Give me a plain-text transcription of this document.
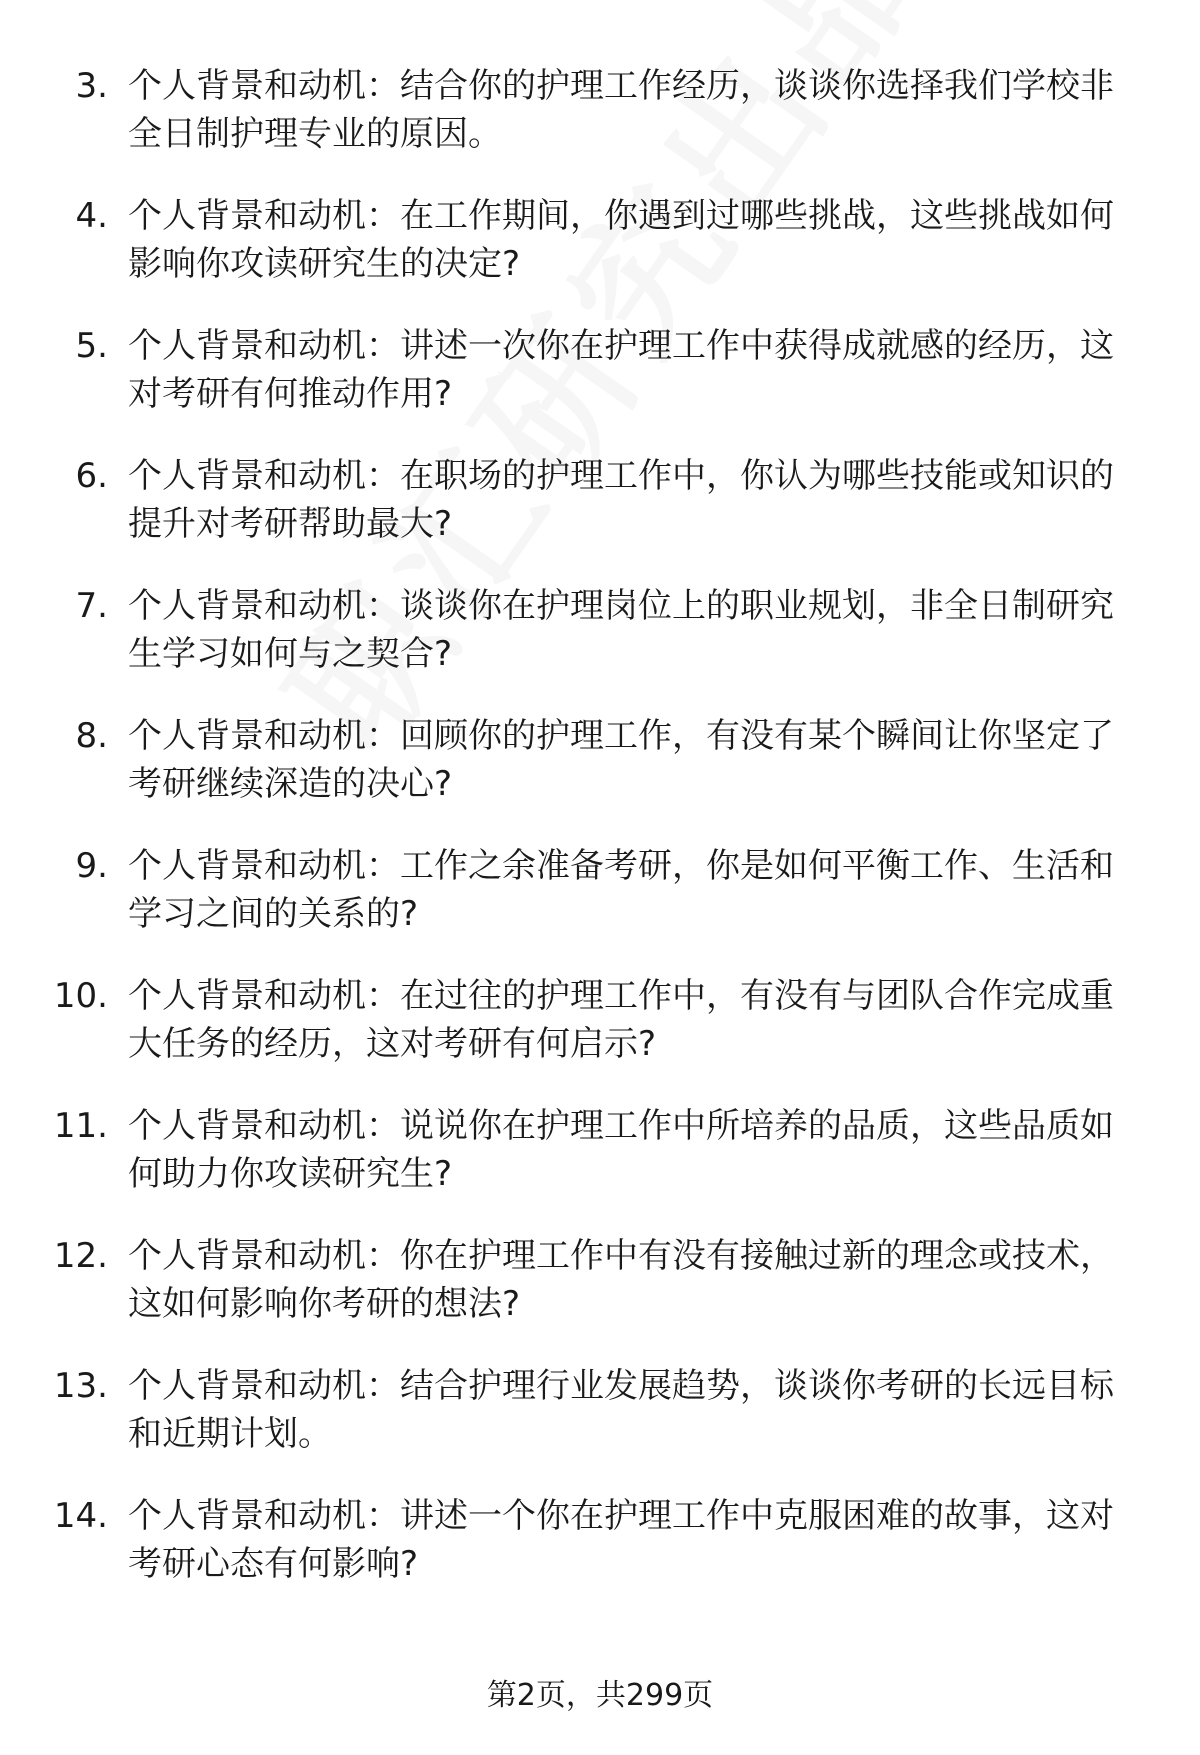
3. 个人背景和动机：结合你的护理工作经历，谈谈你选择我们学校非全日制护理专业的原因。
4. 个人背景和动机：在工作期间，你遇到过哪些挑战，这些挑战如何影响你攻读研究生的决定?
5. 个人背景和动机：讲述一次你在护理工作中获得成就感的经历，这对考研有何推动作用?
6. 个人背景和动机：在职场的护理工作中，你认为哪些技能或知识的提升对考研帮助最大?
7. 个人背景和动机：谈谈你在护理岗位上的职业规划，非全日制研究生学习如何与之契合?
8. 个人背景和动机：回顾你的护理工作，有没有某个瞬间让你坚定了考研继续深造的决心?
9. 个人背景和动机：工作之余准备考研，你是如何平衡工作、生活和学习之间的关系的?
10. 个人背景和动机：在过往的护理工作中，有没有与团队合作完成重大任务的经历，这对考研有何启示?
11. 个人背景和动机：说说你在护理工作中所培养的品质，这些品质如何助力你攻读研究生?
12. 个人背景和动机：你在护理工作中有没有接触过新的理念或技术，这如何影响你考研的想法?
13. 个人背景和动机：结合护理行业发展趋势，谈谈你考研的长远目标和近期计划。
14. 个人背景和动机：讲述一个你在护理工作中克服困难的故事，这对考研心态有何影响?
第2页，共299页
